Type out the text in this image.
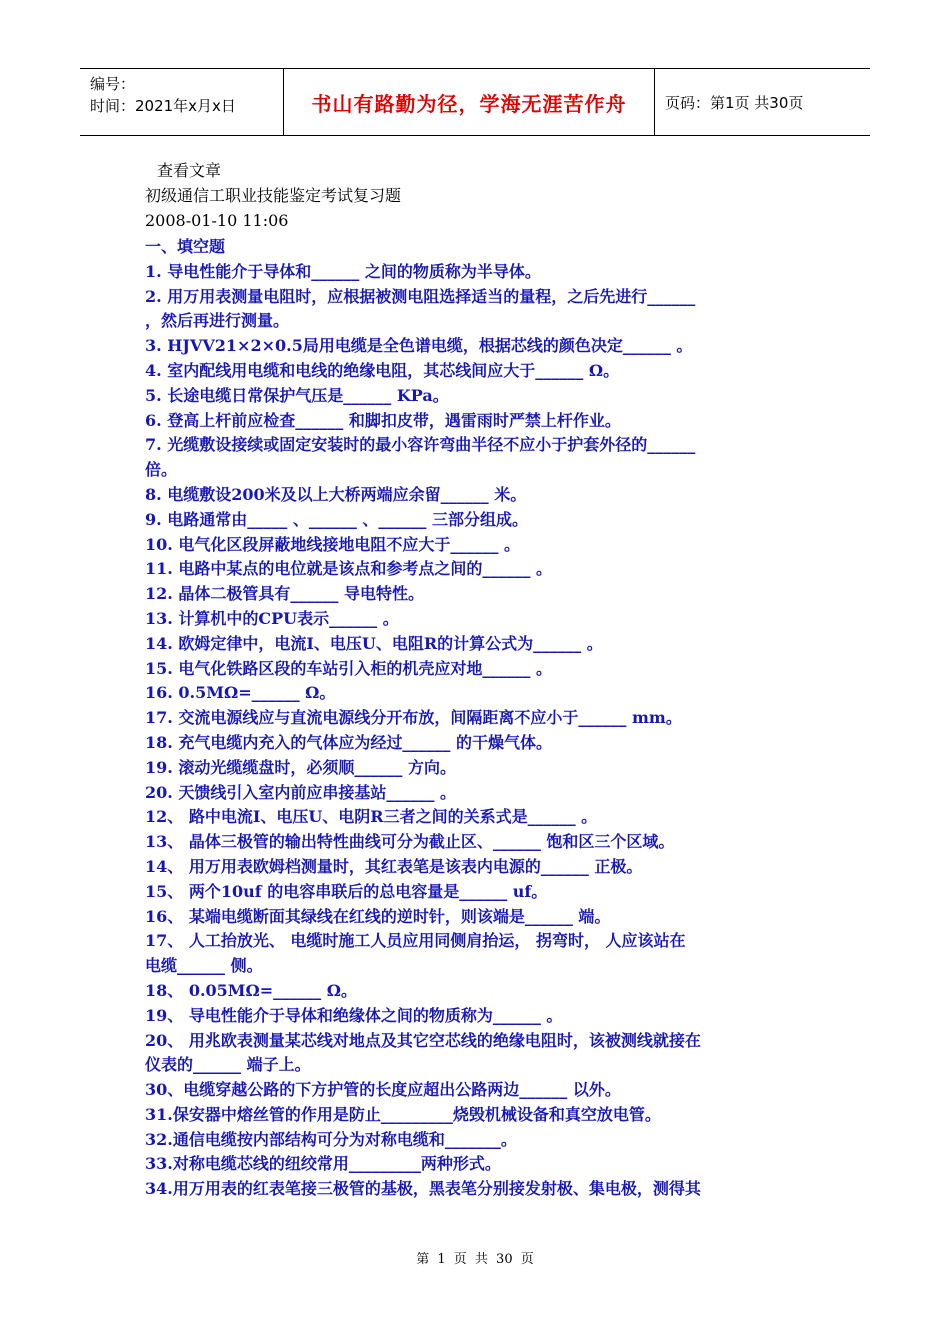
编号：
时间：2021年x月x日	书山有路勤为径，学海无涯苦作舟	页码：第1页 共30页
查看文章
初级通信工职业技能鉴定考试复习题
2008-01-10 11:06
一、填空题
1. 导电性能介于导体和______ 之间的物质称为半导体。
2. 用万用表测量电阻时，应根据被测电阻选择适当的量程，之后先进行______
，然后再进行测量。
3. HJVV21×2×0.5局用电缆是全色谱电缆，根据芯线的颜色决定______ 。
4. 室内配线用电缆和电线的绝缘电阻，其芯线间应大于______ Ω。
5. 长途电缆日常保护气压是______ KPa。
6. 登高上杆前应检查______ 和脚扣皮带，遇雷雨时严禁上杆作业。
7. 光缆敷设接续或固定安装时的最小容许弯曲半径不应小于护套外径的______
倍。
8. 电缆敷设200米及以上大桥两端应余留______ 米。
9. 电路通常由_____ 、______ 、______ 三部分组成。
10. 电气化区段屏蔽地线接地电阻不应大于______ 。
11. 电路中某点的电位就是该点和参考点之间的______ 。
12. 晶体二极管具有______ 导电特性。
13. 计算机中的CPU表示______ 。
14. 欧姆定律中，电流I、电压U、电阻R的计算公式为______ 。
15. 电气化铁路区段的车站引入柜的机壳应对地______ 。
16. 0.5MΩ=______ Ω。
17. 交流电源线应与直流电源线分开布放，间隔距离不应小于______ mm。
18. 充气电缆内充入的气体应为经过______ 的干燥气体。
19. 滚动光缆缆盘时，必须顺______ 方向。
20. 天馈线引入室内前应串接基站______ 。
12、 路中电流I、电压U、电阴R三者之间的关系式是______ 。
13、 晶体三极管的输出特性曲线可分为截止区、______ 饱和区三个区域。
14、 用万用表欧姆档测量时，其红表笔是该表内电源的______ 正极。
15、 两个10uf 的电容串联后的总电容量是______ uf。
16、 某端电缆断面其绿线在红线的逆时针，则该端是______ 端。
17、 人工抬放光、 电缆时施工人员应用同侧肩抬运， 拐弯时， 人应该站在
电缆______ 侧。
18、 0.05MΩ=______ Ω。
19、 导电性能介于导体和绝缘体之间的物质称为______ 。
20、 用兆欧表测量某芯线对地点及其它空芯线的绝缘电阻时，该被测线就接在
仪表的______ 端子上。
30、电缆穿越公路的下方护管的长度应超出公路两边______ 以外。
31.保安器中熔丝管的作用是防止_________烧毁机械设备和真空放电管。
32.通信电缆按内部结构可分为对称电缆和_______。
33.对称电缆芯线的纽绞常用_________两种形式。
34.用万用表的红表笔接三极管的基极，黑表笔分别接发射极、集电极，测得其
第 1 页 共 30 页
